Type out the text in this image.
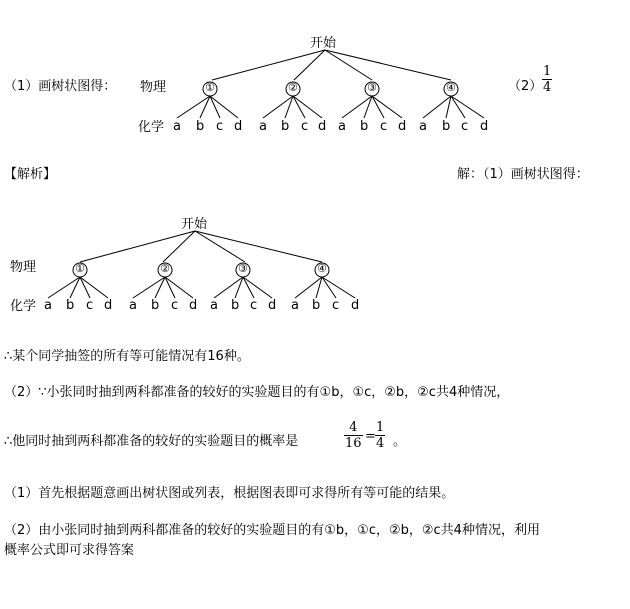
（1）画树状图得：
开始
物理
化学
①	②	③	④
a b c d a b c d a b c d a b c d
$(2) \frac{1}{4}$
【解析】	解：（1）画树状图得：
开始
物理
化学
①	②	③	④
a b c d a b c d a b c d a b c d
∴某个同学抽签的所有等可能情况有16种。
（2）∵小张同时抽到两科都准备的较好的实验题目的有①b，①c，②b，②c共4种情况，
∴他同时抽到两科都准备的较好的实验题目的概率是	$\frac{4}{16} = \frac{1}{4}$ 。
（1）首先根据题意画出树状图或列表，根据图表即可求得所有等可能的结果。
（2）由小张同时抽到两科都准备的较好的实验题目的有①b，①c，②b，②c共4种情况，利用
概率公式即可求得答案
